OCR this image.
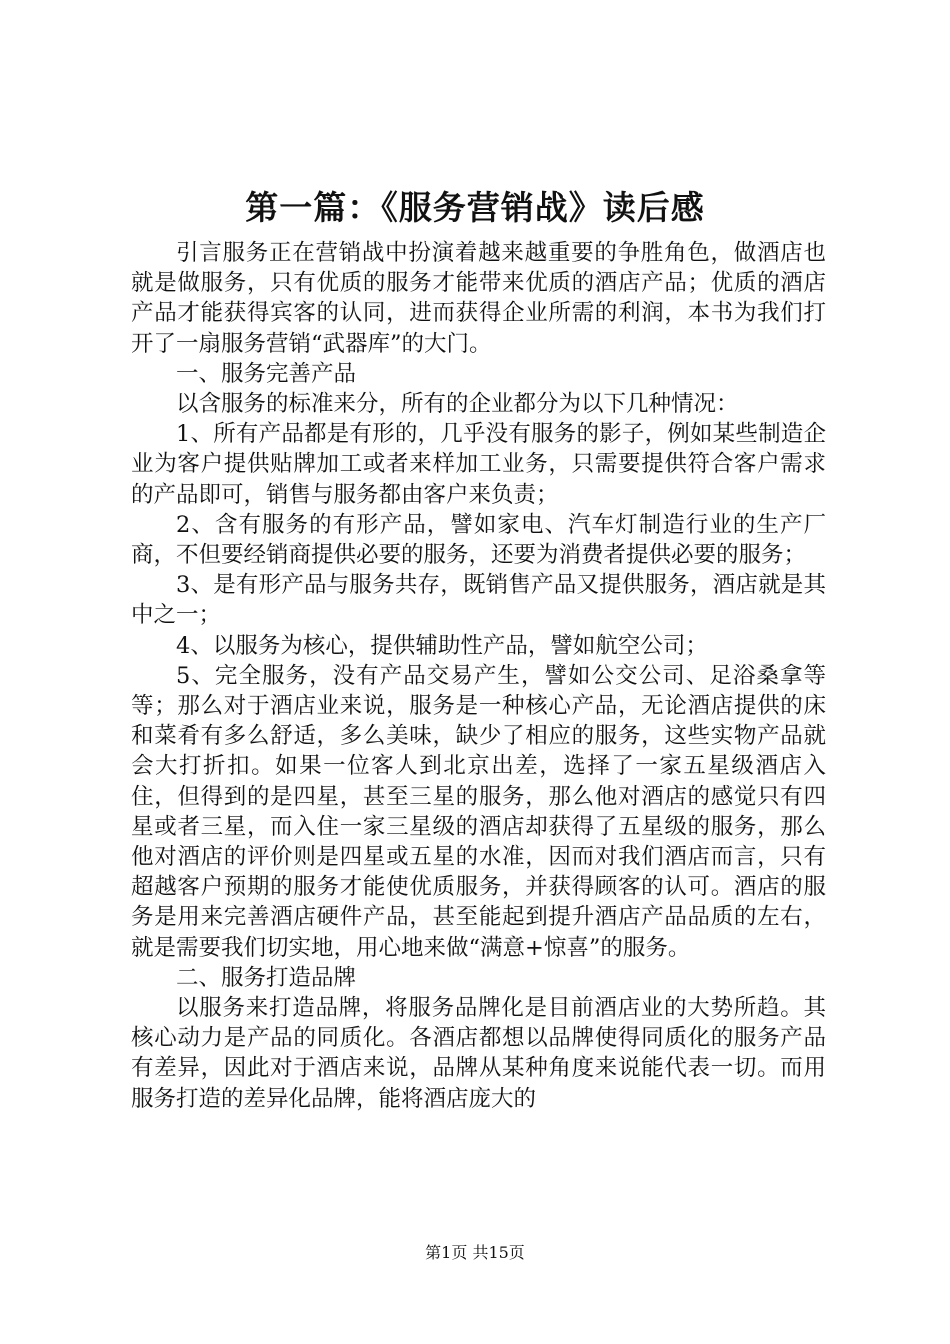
第一篇：《服务营销战》读后感

引言服务正在营销战中扮演着越来越重要的争胜角色，做酒店也就是做服务，只有优质的服务才能带来优质的酒店产品；优质的酒店产品才能获得宾客的认同，进而获得企业所需的利润，本书为我们打开了一扇服务营销“武器库”的大门。

一、服务完善产品

以含服务的标准来分，所有的企业都分为以下几种情况：

1、所有产品都是有形的，几乎没有服务的影子，例如某些制造企业为客户提供贴牌加工或者来样加工业务，只需要提供符合客户需求的产品即可，销售与服务都由客户来负责；

2、含有服务的有形产品，譬如家电、汽车灯制造行业的生产厂商，不但要经销商提供必要的服务，还要为消费者提供必要的服务；

3、是有形产品与服务共存，既销售产品又提供服务，酒店就是其中之一；

4、以服务为核心，提供辅助性产品，譬如航空公司；

5、完全服务，没有产品交易产生，譬如公交公司、足浴桑拿等等；那么对于酒店业来说，服务是一种核心产品，无论酒店提供的床和菜肴有多么舒适，多么美味，缺少了相应的服务，这些实物产品就会大打折扣。如果一位客人到北京出差，选择了一家五星级酒店入住，但得到的是四星，甚至三星的服务，那么他对酒店的感觉只有四星或者三星，而入住一家三星级的酒店却获得了五星级的服务，那么他对酒店的评价则是四星或五星的水准，因而对我们酒店而言，只有超越客户预期的服务才能使优质服务，并获得顾客的认可。酒店的服务是用来完善酒店硬件产品，甚至能起到提升酒店产品品质的左右，就是需要我们切实地，用心地来做“满意+惊喜”的服务。

二、服务打造品牌

以服务来打造品牌，将服务品牌化是目前酒店业的大势所趋。其核心动力是产品的同质化。各酒店都想以品牌使得同质化的服务产品有差异，因此对于酒店来说，品牌从某种角度来说能代表一切。而用服务打造的差异化品牌，能将酒店庞大的

第1页 共15页
